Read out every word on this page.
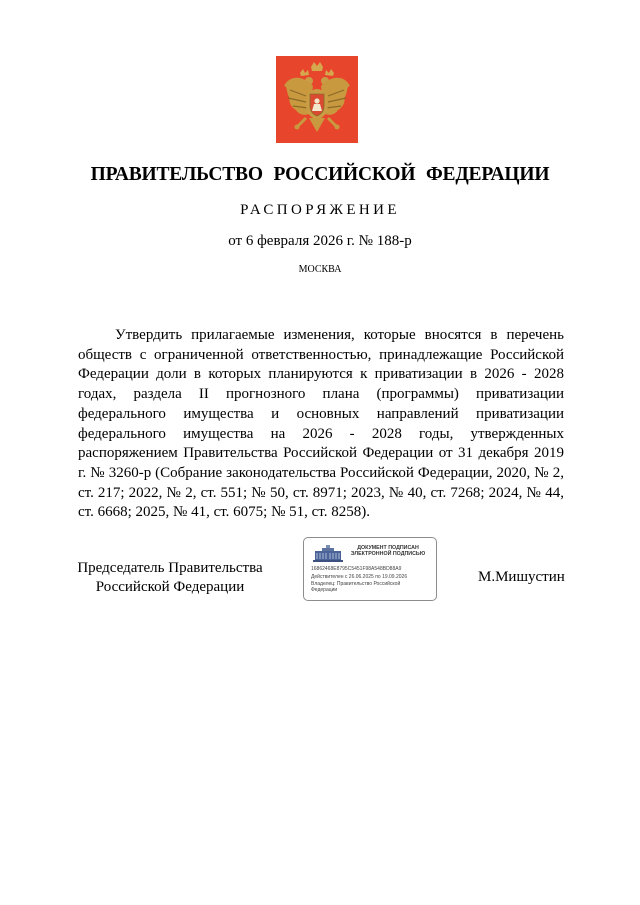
ПРАВИТЕЛЬСТВО РОССИЙСКОЙ ФЕДЕРАЦИИ
РАСПОРЯЖЕНИЕ
от 6 февраля 2026 г. № 188-р
МОСКВА

Утвердить прилагаемые изменения, которые вносятся в перечень обществ с ограниченной ответственностью, принадлежащие Российской Федерации доли в которых планируются к приватизации в 2026 - 2028 годах, раздела II прогнозного плана (программы) приватизации федерального имущества и основных направлений приватизации федерального имущества на 2026 - 2028 годы, утвержденных распоряжением Правительства Российской Федерации от 31 декабря 2019 г. № 3260-р (Собрание законодательства Российской Федерации, 2020, № 2, ст. 217; 2022, № 2, ст. 551; № 50, ст. 8971; 2023, № 40, ст. 7268; 2024, № 44, ст. 6668; 2025, № 41, ст. 6075; № 51, ст. 8258).

Председатель Правительства
Российской Федерации
ДОКУМЕНТ ПОДПИСАН
ЭЛЕКТРОННОЙ ПОДПИСЬЮ
16862468E8795C5451F98A548BD88A9
Действителен с 26.06.2025 по 19.09.2026
Владелец: Правительство Российской
Федерации
М.Мишустин
